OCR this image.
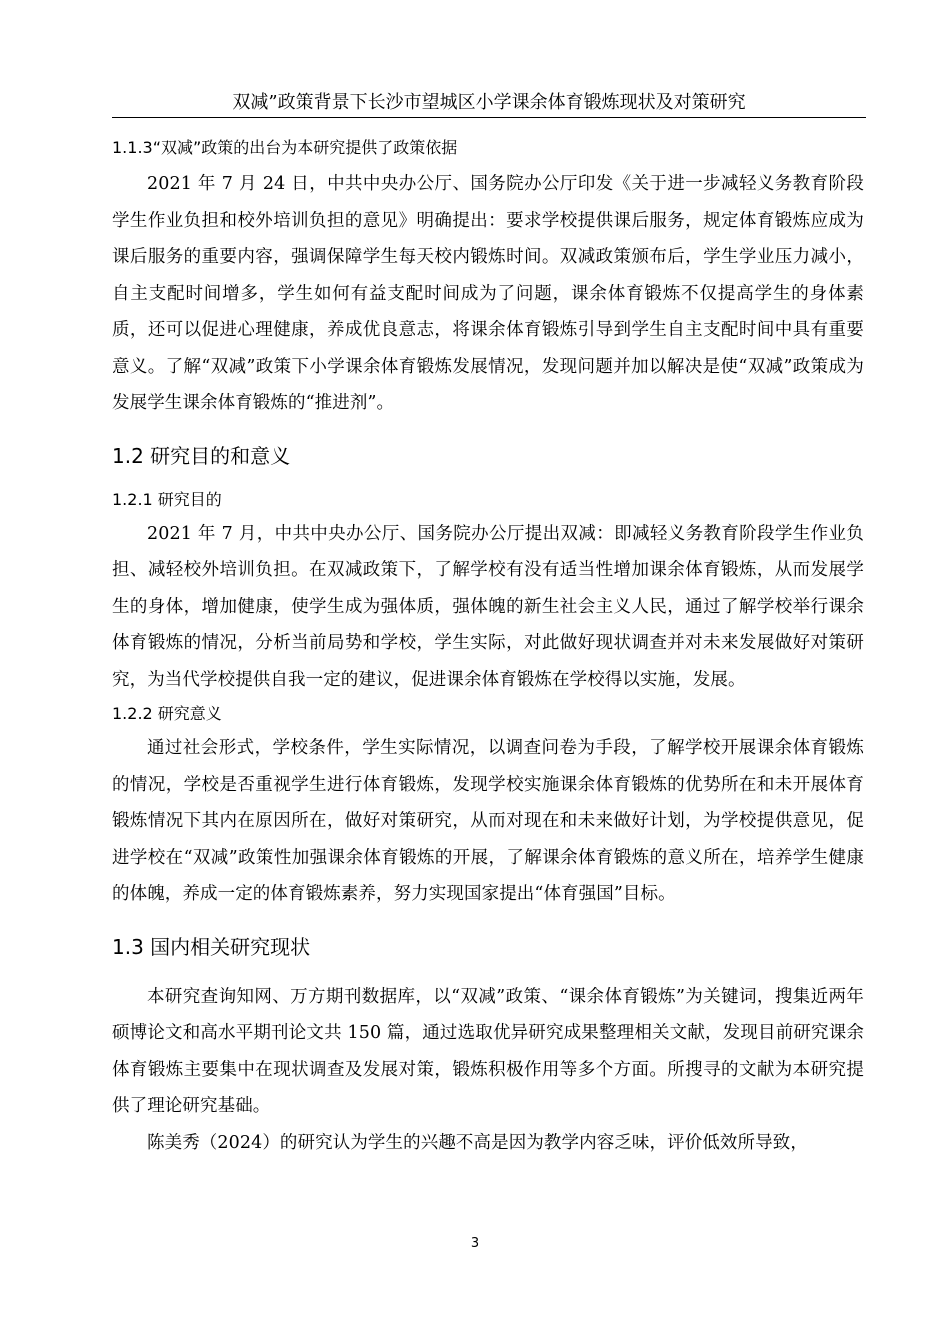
双减”政策背景下长沙市望城区小学课余体育锻炼现状及对策研究
1.1.3“双减”政策的出台为本研究提供了政策依据

2021 年 7 月 24 日，中共中央办公厅、国务院办公厅印发《关于进一步减轻义务教育阶段学生作业负担和校外培训负担的意见》明确提出：要求学校提供课后服务，规定体育锻炼应成为课后服务的重要内容，强调保障学生每天校内锻炼时间。双减政策颁布后，学生学业压力减小，自主支配时间增多，学生如何有益支配时间成为了问题，课余体育锻炼不仅提高学生的身体素质，还可以促进心理健康，养成优良意志，将课余体育锻炼引导到学生自主支配时间中具有重要意义。了解“双减”政策下小学课余体育锻炼发展情况，发现问题并加以解决是使“双减”政策成为发展学生课余体育锻炼的“推进剂”。

1.2 研究目的和意义
1.2.1 研究目的

2021 年 7 月，中共中央办公厅、国务院办公厅提出双减：即减轻义务教育阶段学生作业负担、减轻校外培训负担。在双减政策下，了解学校有没有适当性增加课余体育锻炼，从而发展学生的身体，增加健康，使学生成为强体质，强体魄的新生社会主义人民，通过了解学校举行课余体育锻炼的情况，分析当前局势和学校，学生实际，对此做好现状调查并对未来发展做好对策研究，为当代学校提供自我一定的建议，促进课余体育锻炼在学校得以实施，发展。

1.2.2 研究意义

通过社会形式，学校条件，学生实际情况，以调查问卷为手段，了解学校开展课余体育锻炼的情况，学校是否重视学生进行体育锻炼，发现学校实施课余体育锻炼的优势所在和未开展体育锻炼情况下其内在原因所在，做好对策研究，从而对现在和未来做好计划，为学校提供意见，促进学校在“双减”政策性加强课余体育锻炼的开展，了解课余体育锻炼的意义所在，培养学生健康的体魄，养成一定的体育锻炼素养，努力实现国家提出“体育强国”目标。

1.3 国内相关研究现状

本研究查询知网、万方期刊数据库，以“双减”政策、“课余体育锻炼”为关键词，搜集近两年硕博论文和高水平期刊论文共 150 篇，通过选取优异研究成果整理相关文献，发现目前研究课余体育锻炼主要集中在现状调查及发展对策，锻炼积极作用等多个方面。所搜寻的文献为本研究提供了理论研究基础。

陈美秀（2024）的研究认为学生的兴趣不高是因为教学内容乏味，评价低效所导致，

3
